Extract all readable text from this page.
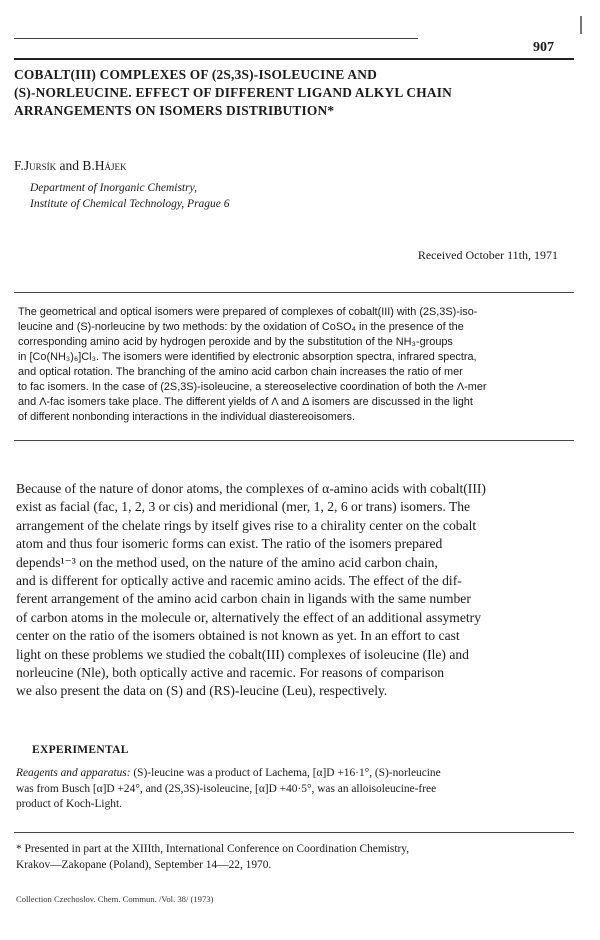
907
COBALT(III) COMPLEXES OF (2S,3S)-ISOLEUCINE AND
(S)-NORLEUCINE. EFFECT OF DIFFERENT LIGAND ALKYL CHAIN
ARRANGEMENTS ON ISOMERS DISTRIBUTION*
F.Jursík and B.Hájek
Department of Inorganic Chemistry,
Institute of Chemical Technology, Prague 6
Received October 11th, 1971
The geometrical and optical isomers were prepared of complexes of cobalt(III) with (2S,3S)-iso-
leucine and (S)-norleucine by two methods: by the oxidation of CoSO₄ in the presence of the
corresponding amino acid by hydrogen peroxide and by the substitution of the NH₃-groups
in [Co(NH₃)₆]Cl₃. The isomers were identified by electronic absorption spectra, infrared spectra,
and optical rotation. The branching of the amino acid carbon chain increases the ratio of mer
to fac isomers. In the case of (2S,3S)-isoleucine, a stereoselective coordination of both the Λ-mer
and Λ-fac isomers take place. The different yields of Λ and Δ isomers are discussed in the light
of different nonbonding interactions in the individual diastereoisomers.
Because of the nature of donor atoms, the complexes of α-amino acids with cobalt(III)
exist as facial (fac, 1, 2, 3 or cis) and meridional (mer, 1, 2, 6 or trans) isomers. The
arrangement of the chelate rings by itself gives rise to a chirality center on the cobalt
atom and thus four isomeric forms can exist. The ratio of the isomers prepared
depends¹⁻³ on the method used, on the nature of the amino acid carbon chain,
and is different for optically active and racemic amino acids. The effect of the dif-
ferent arrangement of the amino acid carbon chain in ligands with the same number
of carbon atoms in the molecule or, alternatively the effect of an additional assymetry
center on the ratio of the isomers obtained is not known as yet. In an effort to cast
light on these problems we studied the cobalt(III) complexes of isoleucine (Ile) and
norleucine (Nle), both optically active and racemic. For reasons of comparison
we also present the data on (S) and (RS)-leucine (Leu), respectively.
EXPERIMENTAL
Reagents and apparatus: (S)-leucine was a product of Lachema, [α]D +16·1°, (S)-norleucine
was from Busch [α]D +24°, and (2S,3S)-isoleucine, [α]D +40·5°, was an alloisoleucine-free
product of Koch-Light.
* Presented in part at the XIIIth, International Conference on Coordination Chemistry,
Krakov—Zakopane (Poland), September 14—22, 1970.
Collection Czechoslov. Chem. Commun. /Vol. 38/ (1973)
